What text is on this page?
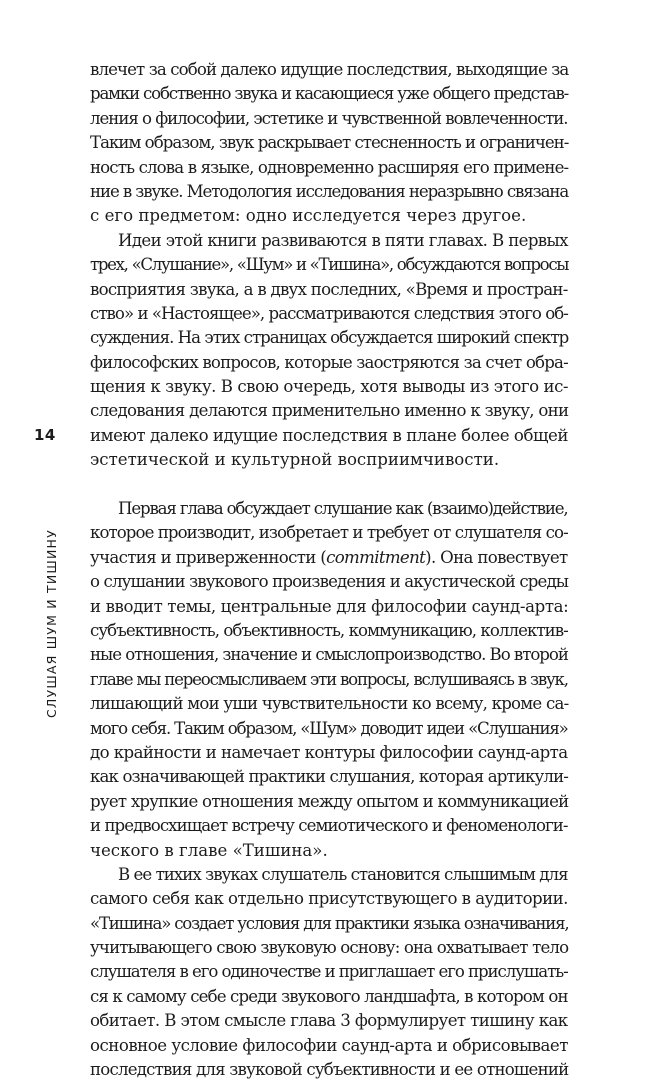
14
СЛУШАЯ ШУМ И ТИШИНУ
влечет за собой далеко идущие последствия, выходящие за
рамки собственно звука и касающиеся уже общего представ-
ления о философии, эстетике и чувственной вовлеченности.
Таким образом, звук раскрывает стесненность и ограничен-
ность слова в языке, одновременно расширяя его примене-
ние в звуке. Методология исследования неразрывно связана
с его предметом: одно исследуется через другое.
Идеи этой книги развиваются в пяти главах. В первых
трех, «Слушание», «Шум» и «Тишина», обсуждаются вопросы
восприятия звука, а в двух последних, «Время и простран-
ство» и «Настоящее», рассматриваются следствия этого об-
суждения. На этих страницах обсуждается широкий спектр
философских вопросов, которые заостряются за счет обра-
щения к звуку. В свою очередь, хотя выводы из этого ис-
следования делаются применительно именно к звуку, они
имеют далеко идущие последствия в плане более общей
эстетической и культурной восприимчивости.
Первая глава обсуждает слушание как (взаимо)действие,
которое производит, изобретает и требует от слушателя со-
участия и приверженности (commitment). Она повествует
о слушании звукового произведения и акустической среды
и вводит темы, центральные для философии саунд-арта:
субъективность, объективность, коммуникацию, коллектив-
ные отношения, значение и смыслопроизводство. Во второй
главе мы переосмысливаем эти вопросы, вслушиваясь в звук,
лишающий мои уши чувствительности ко всему, кроме са-
мого себя. Таким образом, «Шум» доводит идеи «Слушания»
до крайности и намечает контуры философии саунд-арта
как означивающей практики слушания, которая артикули-
рует хрупкие отношения между опытом и коммуникацией
и предвосхищает встречу семиотического и феноменологи-
ческого в главе «Тишина».
В ее тихих звуках слушатель становится слышимым для
самого себя как отдельно присутствующего в аудитории.
«Тишина» создает условия для практики языка означивания,
учитывающего свою звуковую основу: она охватывает тело
слушателя в его одиночестве и приглашает его прислушать-
ся к самому себе среди звукового ландшафта, в котором он
обитает. В этом смысле глава 3 формулирует тишину как
основное условие философии саунд-арта и обрисовывает
последствия для звуковой субъективности и ее отношений
